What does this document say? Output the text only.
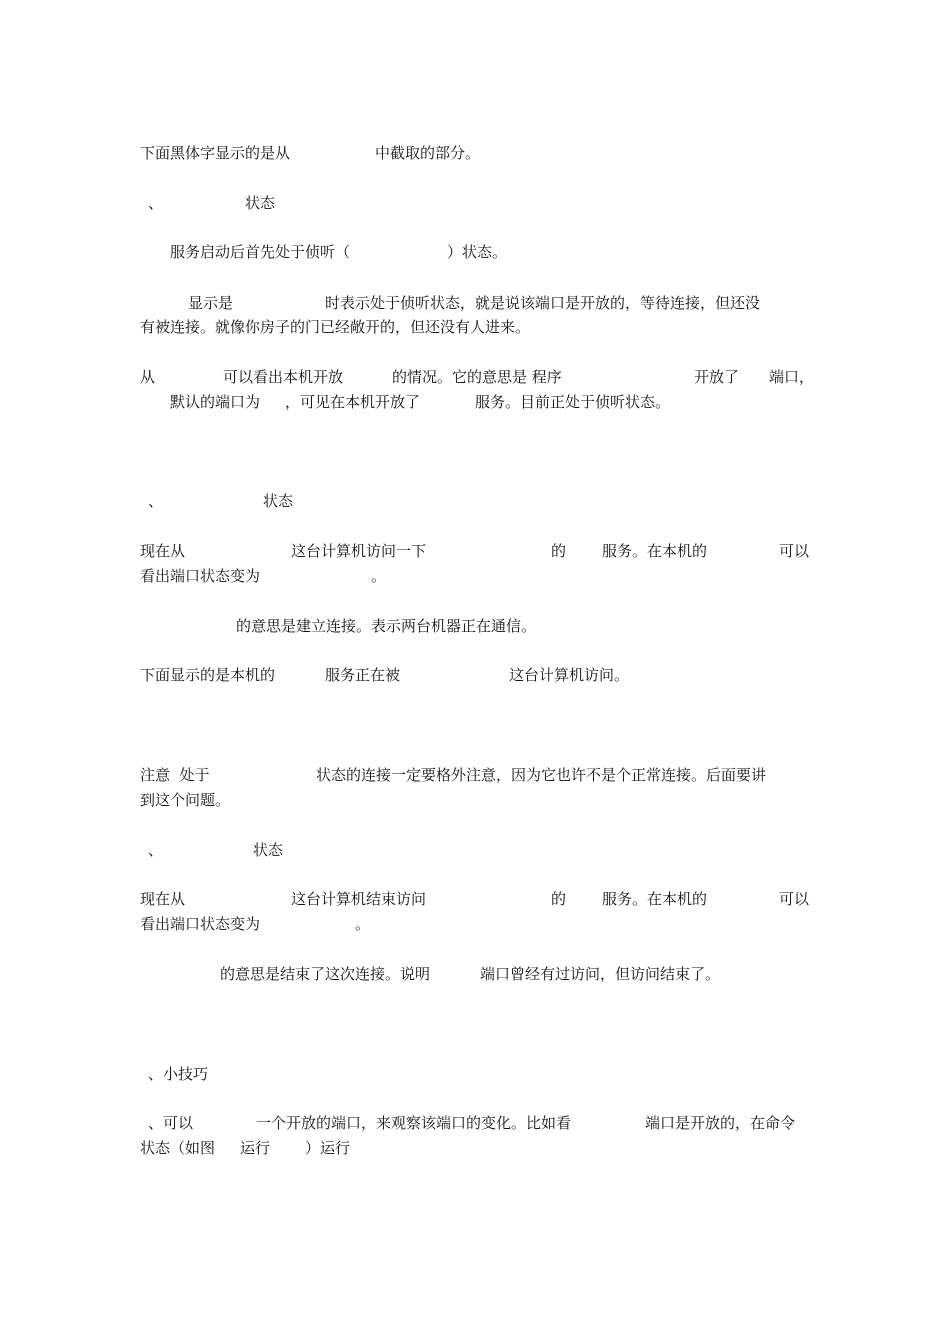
下面黑体字显示的是从	中截取的部分。
、	状态
服务启动后首先处于侦听（	）状态。
显示是	时表示处于侦听状态，就是说该端口是开放的，等待连接，但还没
有被连接。就像你房子的门已经敞开的，但还没有人进来。
从	可以看出本机开放	的情况。它的意思是 程序	开放了 端口，
默认的端口为 ，可见在本机开放了	服务。目前正处于侦听状态。
、	状态
现在从	这台计算机访问一下	的 服务。在本机的	可以
看出端口状态变为	。
的意思是建立连接。表示两台机器正在通信。
下面显示的是本机的	服务正在被	这台计算机访问。
注意  处于	状态的连接一定要格外注意，因为它也许不是个正常连接。后面要讲
到这个问题。
、	状态
现在从	这台计算机结束访问	的 服务。在本机的	可以
看出端口状态变为	。
的意思是结束了这次连接。说明	端口曾经有过访问，但访问结束了。
、小技巧
、可以	一个开放的端口，来观察该端口的变化。比如看	端口是开放的，在命令
状态（如图 运行 ）运行
